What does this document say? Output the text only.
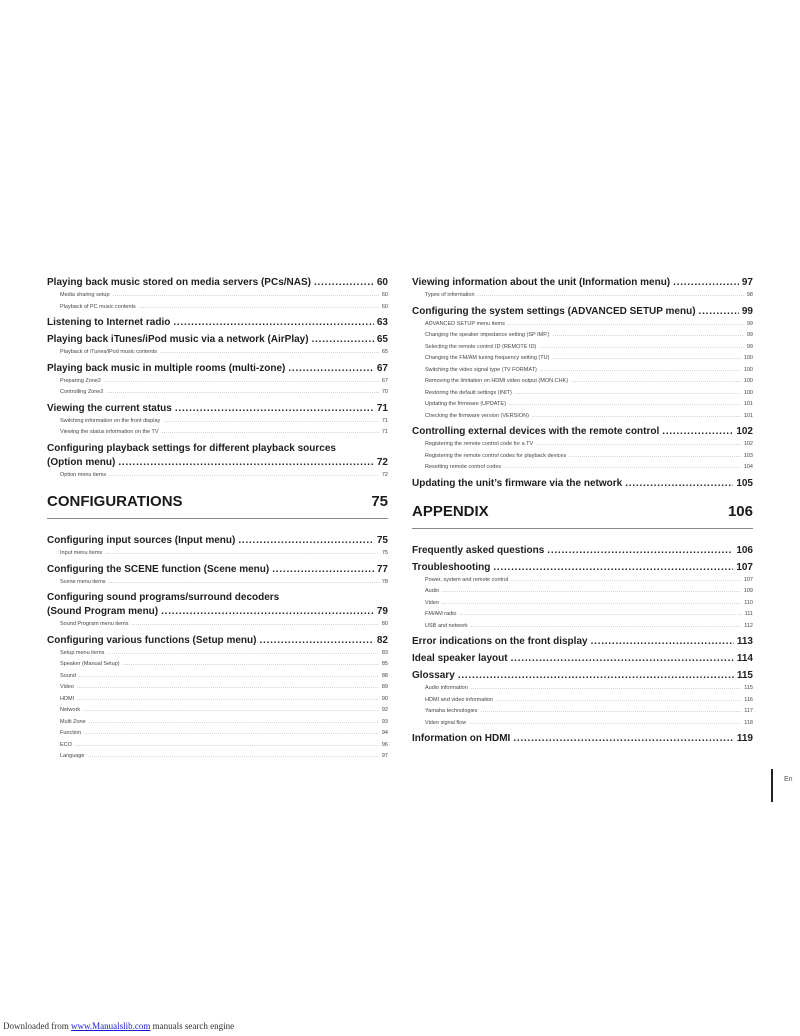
Playing back music stored on media servers (PCs/NAS) . . .	60
Media sharing setup . . .	60
Playback of PC music contents . . .	60
Listening to Internet radio . . .	63
Playing back iTunes/iPod music via a network (AirPlay) . . .	65
Playback of iTunes/iPod music contents . . .	65
Playing back music in multiple rooms (multi-zone) . . .	67
Preparing Zone2 . . .	67
Controlling Zone2 . . .	70
Viewing the current status . . .	71
Switching information on the front display . . .	71
Viewing the status information on the TV . . .	71
Configuring playback settings for different playback sources
(Option menu) . . .	72
Option menu items . . .	72
CONFIGURATIONS	75
Configuring input sources (Input menu) . . .	75
Input menu items . . .	75
Configuring the SCENE function (Scene menu) . . .	77
Scene menu items . . .	78
Configuring sound programs/surround decoders
(Sound Program menu) . . .	79
Sound Program menu items . . .	80
Configuring various functions (Setup menu) . . .	82
Setup menu items . . .	83
Speaker (Manual Setup) . . .	85
Sound . . .	88
Video . . .	89
HDMI . . .	90
Network . . .	92
Multi Zone . . .	93
Function . . .	94
ECO . . .	96
Language . . .	97
Viewing information about the unit (Information menu) . . .	97
Types of information . . .	98
Configuring the system settings (ADVANCED SETUP menu) . . .	99
ADVANCED SETUP menu items . . .	99
Changing the speaker impedance setting (SP IMP.) . . .	99
Selecting the remote control ID (REMOTE ID) . . .	99
Changing the FM/AM tuning frequency setting (TU) . . .	100
Switching the video signal type (TV FORMAT) . . .	100
Removing the limitation on HDMI video output (MON.CHK) . . .	100
Restoring the default settings (INIT) . . .	100
Updating the firmware (UPDATE) . . .	101
Checking the firmware version (VERSION) . . .	101
Controlling external devices with the remote control . . .	102
Registering the remote control code for a TV . . .	102
Registering the remote control codes for playback devices . . .	103
Resetting remote control codes . . .	104
Updating the unit’s firmware via the network . . .	105
APPENDIX	106
Frequently asked questions . . .	106
Troubleshooting . . .	107
Power, system and remote control . . .	107
Audio . . .	109
Video . . .	110
FM/AM radio . . .	111
USB and network . . .	112
Error indications on the front display . . .	113
Ideal speaker layout . . .	114
Glossary . . .	115
Audio information . . .	115
HDMI and video information . . .	116
Yamaha technologies . . .	117
Video signal flow . . .	118
Information on HDMI . . .	119
En
Downloaded from www.Manualslib.com manuals search engine
